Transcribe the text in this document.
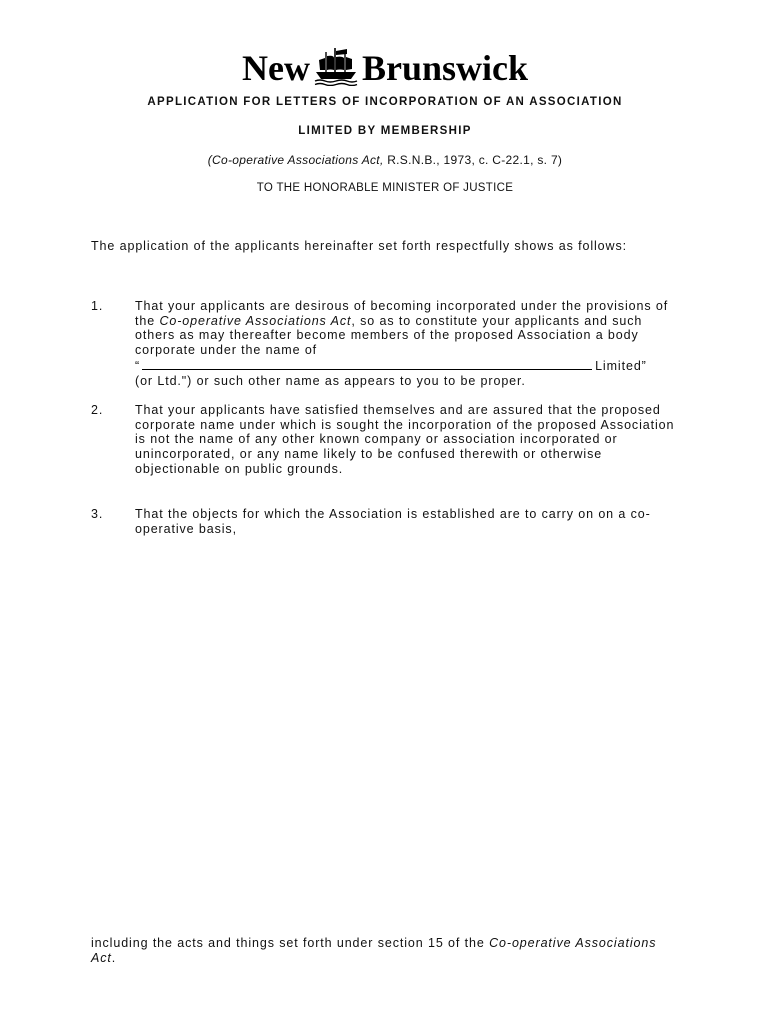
New Brunswick
APPLICATION FOR LETTERS OF INCORPORATION OF AN ASSOCIATION
LIMITED BY MEMBERSHIP
(Co-operative Associations Act, R.S.N.B., 1973, c. C-22.1, s. 7)
TO THE HONORABLE MINISTER OF JUSTICE
The application of the applicants hereinafter set forth respectfully shows as follows:
1.	That your applicants are desirous of becoming incorporated under the provisions of the Co-operative Associations Act, so as to constitute your applicants and such others as may thereafter become members of the proposed Association a body corporate under the name of
“	Limited”
(or Ltd.") or such other name as appears to you to be proper.
2.	That your applicants have satisfied themselves and are assured that the proposed corporate name under which is sought the incorporation of the proposed Association is not the name of any other known company or association incorporated or unincorporated, or any name likely to be confused therewith or otherwise objectionable on public grounds.
3.	That the objects for which the Association is established are to carry on on a co-operative basis,
including the acts and things set forth under section 15 of the Co-operative Associations Act.
